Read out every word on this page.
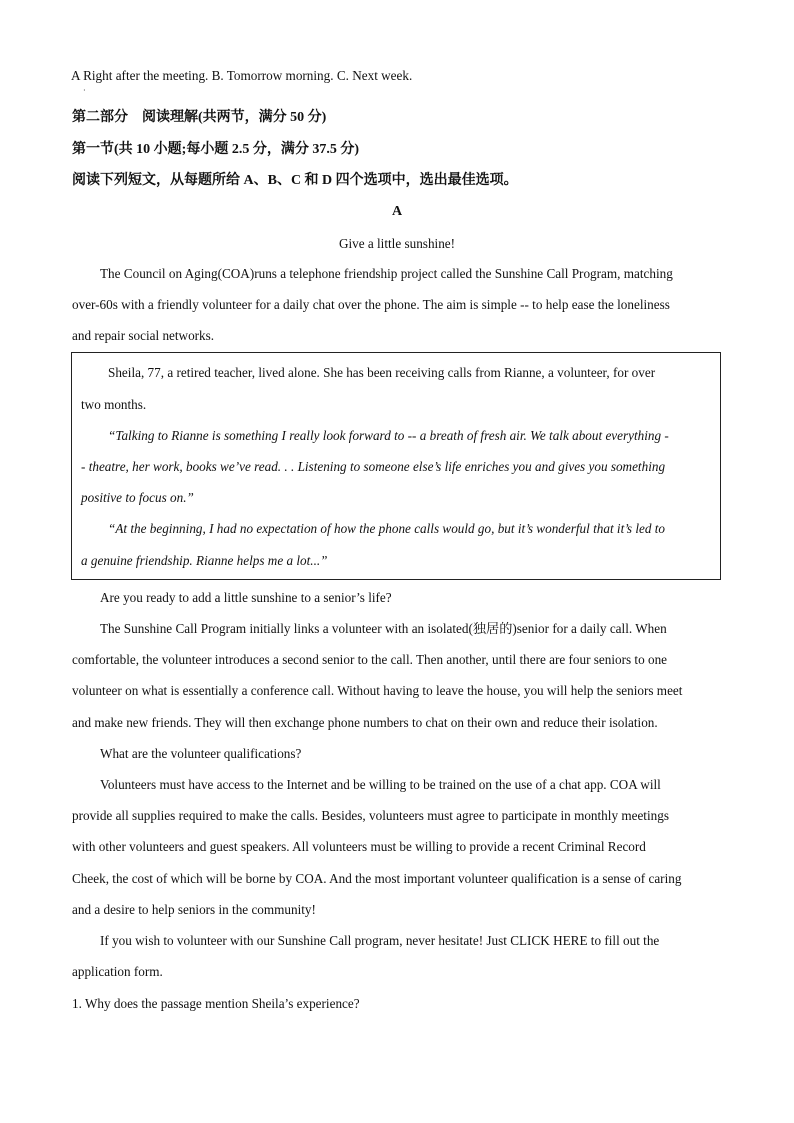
A Right after the meeting. B. Tomorrow morning. C. Next week.
·
第二部分　阅读理解(共两节，满分 50 分)
第一节(共 10 小题;每小题 2.5 分，满分 37.5 分)
阅读下列短文，从每题所给 A、B、C 和 D 四个选项中，选出最佳选项。
A
Give a little sunshine!
The Council on Aging(COA)runs a telephone friendship project called the Sunshine Call Program, matching
over-60s with a friendly volunteer for a daily chat over the phone. The aim is simple -- to help ease the loneliness
and repair social networks.
Sheila, 77, a retired teacher, lived alone. She has been receiving calls from Rianne, a volunteer, for over
two months.
“Talking to Rianne is something I really look forward to -- a breath of fresh air. We talk about everything -
- theatre, her work, books we’ve read. . . Listening to someone else’s life enriches you and gives you something
positive to focus on.”
“At the beginning, I had no expectation of how the phone calls would go, but it’s wonderful that it’s led to
a genuine friendship. Rianne helps me a lot...”
Are you ready to add a little sunshine to a senior’s life?
The Sunshine Call Program initially links a volunteer with an isolated(独居的)senior for a daily call. When
comfortable, the volunteer introduces a second senior to the call. Then another, until there are four seniors to one
volunteer on what is essentially a conference call. Without having to leave the house, you will help the seniors meet
and make new friends. They will then exchange phone numbers to chat on their own and reduce their isolation.
What are the volunteer qualifications?
Volunteers must have access to the Internet and be willing to be trained on the use of a chat app. COA will
provide all supplies required to make the calls. Besides, volunteers must agree to participate in monthly meetings
with other volunteers and guest speakers. All volunteers must be willing to provide a recent Criminal Record
Cheek, the cost of which will be borne by COA. And the most important volunteer qualification is a sense of caring
and a desire to help seniors in the community!
If you wish to volunteer with our Sunshine Call program, never hesitate! Just CLICK HERE to fill out the
application form.
1. Why does the passage mention Sheila’s experience?
